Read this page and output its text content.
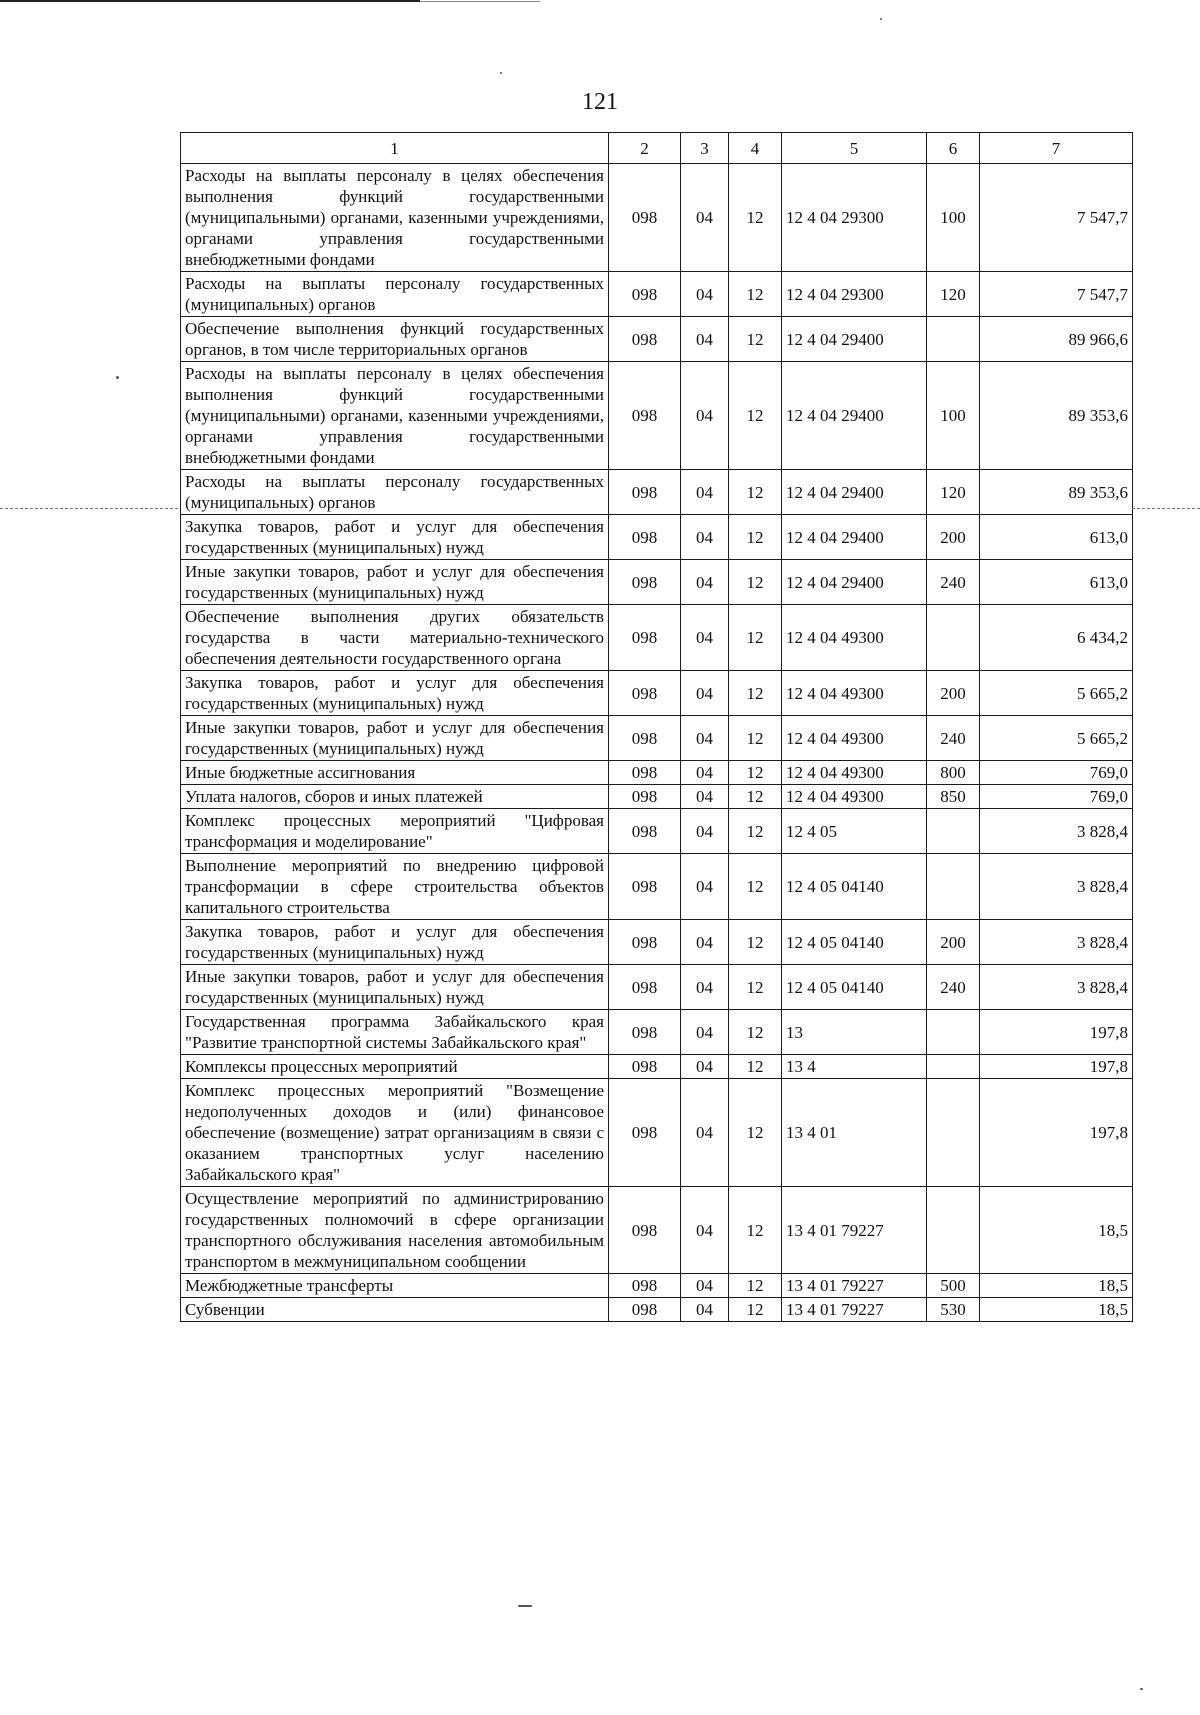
121
1	2	3	4	5	6	7
Расходы на выплаты персоналу в целях обеспечения выполнения функций государственными (муниципальными) органами, казенными учреждениями, органами управления государственными внебюджетными фондами	098	04	12	12 4 04 29300	100	7 547,7
Расходы на выплаты персоналу государственных (муниципальных) органов	098	04	12	12 4 04 29300	120	7 547,7
Обеспечение выполнения функций государственных органов, в том числе территориальных органов	098	04	12	12 4 04 29400		89 966,6
Расходы на выплаты персоналу в целях обеспечения выполнения функций государственными (муниципальными) органами, казенными учреждениями, органами управления государственными внебюджетными фондами	098	04	12	12 4 04 29400	100	89 353,6
Расходы на выплаты персоналу государственных (муниципальных) органов	098	04	12	12 4 04 29400	120	89 353,6
Закупка товаров, работ и услуг для обеспечения государственных (муниципальных) нужд	098	04	12	12 4 04 29400	200	613,0
Иные закупки товаров, работ и услуг для обеспечения государственных (муниципальных) нужд	098	04	12	12 4 04 29400	240	613,0
Обеспечение выполнения других обязательств государства в части материально-технического обеспечения деятельности государственного органа	098	04	12	12 4 04 49300		6 434,2
Закупка товаров, работ и услуг для обеспечения государственных (муниципальных) нужд	098	04	12	12 4 04 49300	200	5 665,2
Иные закупки товаров, работ и услуг для обеспечения государственных (муниципальных) нужд	098	04	12	12 4 04 49300	240	5 665,2
Иные бюджетные ассигнования	098	04	12	12 4 04 49300	800	769,0
Уплата налогов, сборов и иных платежей	098	04	12	12 4 04 49300	850	769,0
Комплекс процессных мероприятий "Цифровая трансформация и моделирование"	098	04	12	12 4 05		3 828,4
Выполнение мероприятий по внедрению цифровой трансформации в сфере строительства объектов капитального строительства	098	04	12	12 4 05 04140		3 828,4
Закупка товаров, работ и услуг для обеспечения государственных (муниципальных) нужд	098	04	12	12 4 05 04140	200	3 828,4
Иные закупки товаров, работ и услуг для обеспечения государственных (муниципальных) нужд	098	04	12	12 4 05 04140	240	3 828,4
Государственная программа Забайкальского края "Развитие транспортной системы Забайкальского края"	098	04	12	13		197,8
Комплексы процессных мероприятий	098	04	12	13 4		197,8
Комплекс процессных мероприятий "Возмещение недополученных доходов и (или) финансовое обеспечение (возмещение) затрат организациям в связи с оказанием транспортных услуг населению Забайкальского края"	098	04	12	13 4 01		197,8
Осуществление мероприятий по администрированию государственных полномочий в сфере организации транспортного обслуживания населения автомобильным транспортом в межмуниципальном сообщении	098	04	12	13 4 01 79227		18,5
Межбюджетные трансферты	098	04	12	13 4 01 79227	500	18,5
Субвенции	098	04	12	13 4 01 79227	530	18,5
